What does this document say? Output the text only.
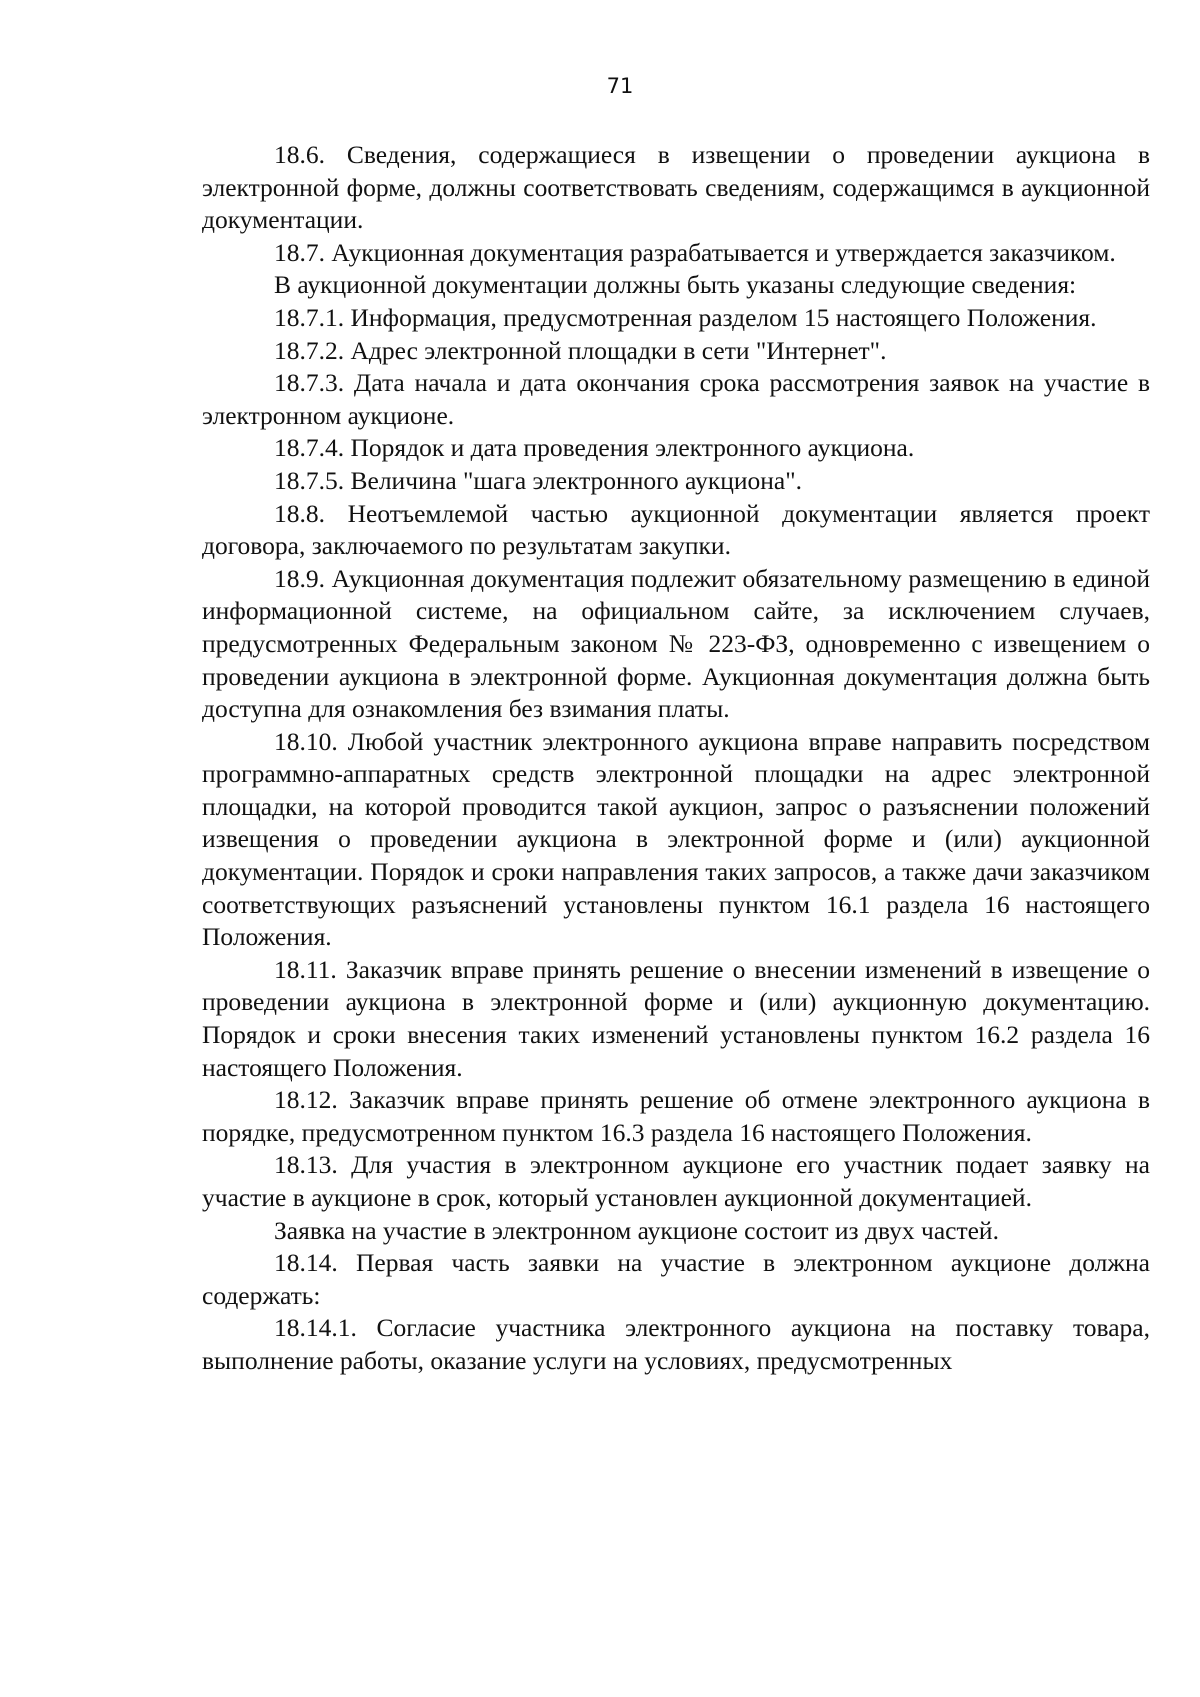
71

18.6. Сведения, содержащиеся в извещении о проведении аукциона в электронной форме, должны соответствовать сведениям, содержащимся в аукционной документации.

18.7. Аукционная документация разрабатывается и утверждается заказчиком.

В аукционной документации должны быть указаны следующие сведения:

18.7.1. Информация, предусмотренная разделом 15 настоящего Положения.

18.7.2. Адрес электронной площадки в сети "Интернет".

18.7.3. Дата начала и дата окончания срока рассмотрения заявок на участие в электронном аукционе.

18.7.4. Порядок и дата проведения электронного аукциона.

18.7.5. Величина "шага электронного аукциона".

18.8. Неотъемлемой частью аукционной документации является проект договора, заключаемого по результатам закупки.

18.9. Аукционная документация подлежит обязательному размещению в единой информационной системе, на официальном сайте, за исключением случаев, предусмотренных Федеральным законом № 223-ФЗ, одновременно с извещением о проведении аукциона в электронной форме. Аукционная документация должна быть доступна для ознакомления без взимания платы.

18.10. Любой участник электронного аукциона вправе направить посредством программно-аппаратных средств электронной площадки на адрес электронной площадки, на которой проводится такой аукцион, запрос о разъяснении положений извещения о проведении аукциона в электронной форме и (или) аукционной документации. Порядок и сроки направления таких запросов, а также дачи заказчиком соответствующих разъяснений установлены пунктом 16.1 раздела 16 настоящего Положения.

18.11. Заказчик вправе принять решение о внесении изменений в извещение о проведении аукциона в электронной форме и (или) аукционную документацию. Порядок и сроки внесения таких изменений установлены пунктом 16.2 раздела 16 настоящего Положения.

18.12. Заказчик вправе принять решение об отмене электронного аукциона в порядке, предусмотренном пунктом 16.3 раздела 16 настоящего Положения.

18.13. Для участия в электронном аукционе его участник подает заявку на участие в аукционе в срок, который установлен аукционной документацией.

Заявка на участие в электронном аукционе состоит из двух частей.

18.14. Первая часть заявки на участие в электронном аукционе должна содержать:

18.14.1. Согласие участника электронного аукциона на поставку товара, выполнение работы, оказание услуги на условиях, предусмотренных
